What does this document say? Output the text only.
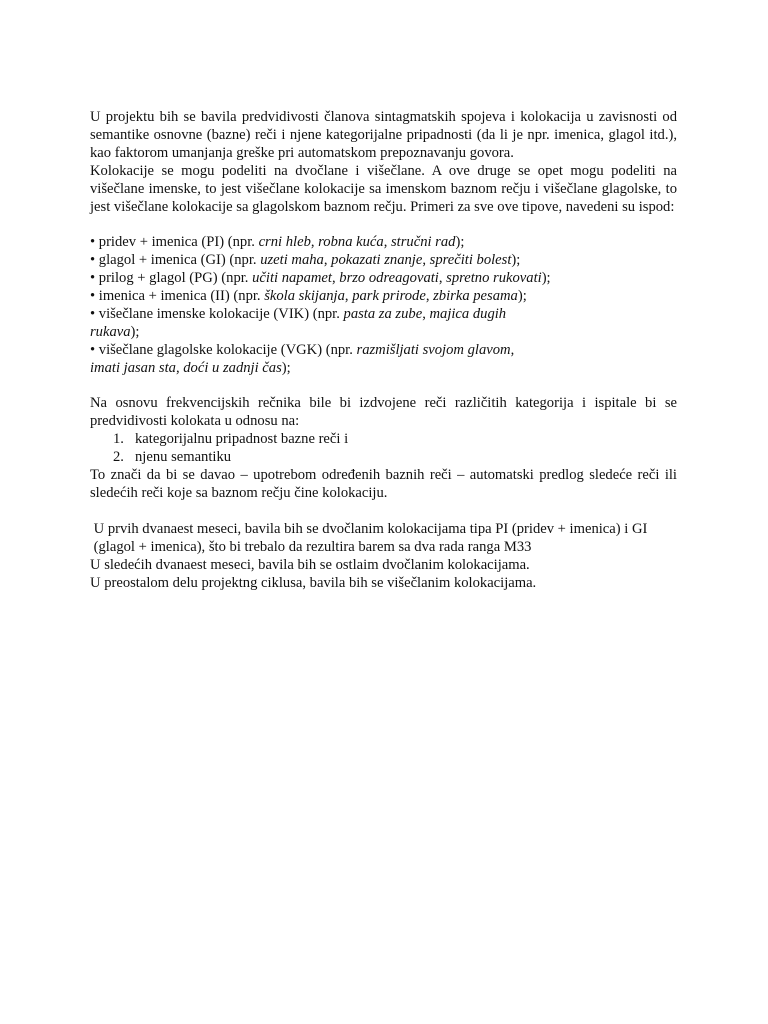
U projektu bih se bavila predvidivosti članova sintagmatskih spojeva i kolokacija u zavisnosti od semantike osnovne (bazne) reči i njene kategorijalne pripadnosti (da li je npr. imenica, glagol itd.), kao faktorom umanjanja greške pri automatskom prepoznavanju govora.

Kolokacije se mogu podeliti na dvočlane i višečlane. A ove druge se opet mogu podeliti na višečlane imenske, to jest višečlane kolokacije sa imenskom baznom rečju i višečlane glagolske, to jest višečlane kolokacije sa glagolskom baznom rečju. Primeri za sve ove tipove, navedeni su ispod:

• pridev + imenica (PI) (npr. crni hleb, robna kuća, stručni rad);
• glagol + imenica (GI) (npr. uzeti maha, pokazati znanje, sprečiti bolest);
• prilog + glagol (PG) (npr. učiti napamet, brzo odreagovati, spretno rukovati);
• imenica + imenica (II) (npr. škola skijanja, park prirode, zbirka pesama);
• višečlane imenske kolokacije (VIK) (npr. pasta za zube, majica dugih rukava);
• višečlane glagolske kolokacije (VGK) (npr. razmišljati svojom glavom, imati jasan sta, doći u zadnji čas);

Na osnovu frekvencijskih rečnika bile bi izdvojene reči različitih kategorija i ispitale bi se predvidivosti kolokata u odnosu na:

1. kategorijalnu pripadnost bazne reči i
2. njenu semantiku

To znači da bi se davao – upotrebom određenih baznih reči – automatski predlog sledeće reči ili sledećih reči koje sa baznom rečju čine kolokaciju.

U prvih dvanaest meseci, bavila bih se dvočlanim kolokacijama tipa PI (pridev + imenica) i GI

(glagol + imenica), što bi trebalo da rezultira barem sa dva rada ranga M33

U sledećih dvanaest meseci, bavila bih se ostlaim dvočlanim kolokacijama.

U preostalom delu projektng ciklusa, bavila bih se višečlanim kolokacijama.
